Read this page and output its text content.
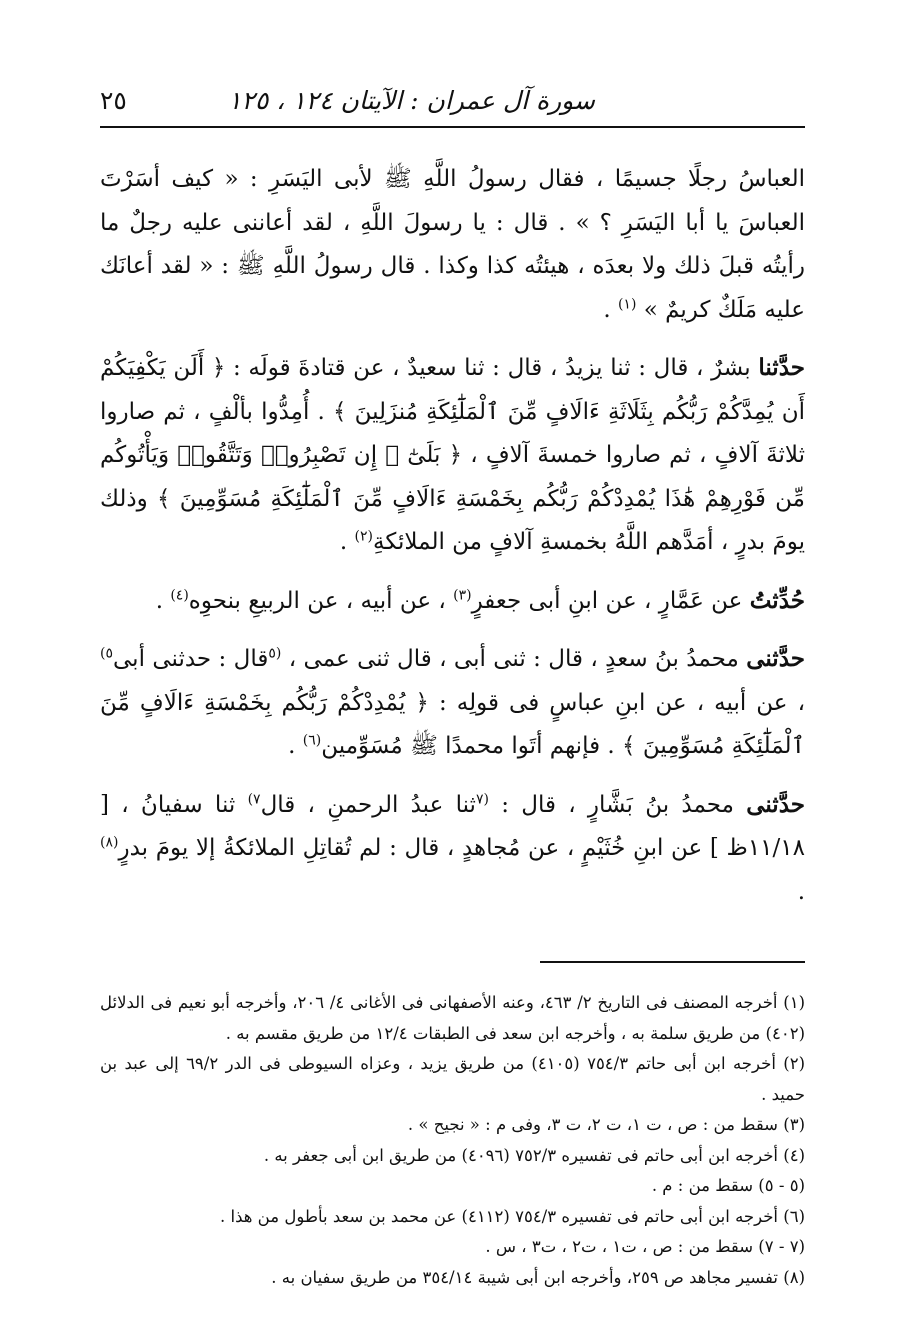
سورة آل عمران : الآيتان ١٢٤ ، ١٢٥
٢٥

العباسُ رجلًا جسيمًا ، فقال رسولُ اللَّهِ ﷺ لأبى اليَسَرِ : « كيف أسَرْتَ العباسَ يا أبا اليَسَرِ ؟ » . قال : يا رسولَ اللَّهِ ، لقد أعاننى عليه رجلٌ ما رأيتُه قبلَ ذلك ولا بعدَه ، هيئتُه كذا وكذا . قال رسولُ اللَّهِ ﷺ : « لقد أعانَك عليه مَلَكٌ كريمٌ » $^{(١)}$ .

حدَّثنا بشرٌ ، قال : ثنا يزيدُ ، قال : ثنا سعيدٌ ، عن قتادةَ قولَه : ﴿ أَلَن يَكْفِيَكُمْ أَن يُمِدَّكُمْ رَبُّكُم بِثَلَاثَةِ ءَالَافٍ مِّنَ ٱلْمَلَٰٓئِكَةِ مُنزَلِينَ ﴾ . أُمِدُّوا بألْفٍ ، ثم صاروا ثلاثةَ آلافٍ ، ثم صاروا خمسةَ آلافٍ ، ﴿ بَلَىٰٓ ۚ إِن تَصْبِرُوا۟ وَتَتَّقُوا۟ وَيَأْتُوكُم مِّن فَوْرِهِمْ هَٰذَا يُمْدِدْكُمْ رَبُّكُم بِخَمْسَةِ ءَالَافٍ مِّنَ ٱلْمَلَٰٓئِكَةِ مُسَوِّمِينَ ﴾ وذلك يومَ بدرٍ ، أمَدَّهم اللَّهُ بخمسةِ آلافٍ من الملائكةِ$^{(٢)}$ .

حُدِّثتُ عن عَمَّارٍ ، عن ابنِ أبى جعفرٍ$^{(٣)}$ ، عن أبيه ، عن الربيعِ بنحوِه$^{(٤)}$ .

حدَّثنى محمدُ بنُ سعدٍ ، قال : ثنى أبى ، قال ثنى عمى ، $^{(٥}$قال : حدثنى أبى$^{٥)}$ ، عن أبيه ، عن ابنِ عباسٍ فى قولِه : ﴿ يُمْدِدْكُمْ رَبُّكُم بِخَمْسَةِ ءَالَافٍ مِّنَ ٱلْمَلَٰٓئِكَةِ مُسَوِّمِينَ ﴾ . فإنهم أتَوا محمدًا ﷺ مُسَوِّمين$^{(٦)}$ .

حدَّثنى محمدُ بنُ بَشَّارٍ ، قال : $^{(٧}$ثنا عبدُ الرحمنِ ، قال$^{٧)}$ ثنا سفيانُ ، [ ١١/١٨ظ ] عن ابنِ خُثَيْمٍ ، عن مُجاهدٍ ، قال : لم تُقاتِلِ الملائكةُ إلا يومَ بدرٍ$^{(٨)}$ .

(١) أخرجه المصنف فى التاريخ ٢/ ٤٦٣، وعنه الأصفهانى فى الأغانى ٤/ ٢٠٦، وأخرجه أبو نعيم فى الدلائل (٤٠٢) من طريق سلمة به ، وأخرجه ابن سعد فى الطبقات ١٢/٤ من طريق مقسم به .

(٢) أخرجه ابن أبى حاتم ٧٥٤/٣ (٤١٠٥) من طريق يزيد ، وعزاه السيوطى فى الدر ٦٩/٢ إلى عبد بن حميد .

(٣) سقط من : ص ، ت ١، ت ٢، ت ٣، وفى م : « نجيح » .

(٤) أخرجه ابن أبى حاتم فى تفسيره ٧٥٢/٣ (٤٠٩٦) من طريق ابن أبى جعفر به .

(٥ - ٥) سقط من : م .

(٦) أخرجه ابن أبى حاتم فى تفسيره ٧٥٤/٣ (٤١١٢) عن محمد بن سعد بأطول من هذا .

(٧ - ٧) سقط من : ص ، ت١ ، ت٢ ، ت٣ ، س .

(٨) تفسير مجاهد ص ٢٥٩، وأخرجه ابن أبى شيبة ٣٥٤/١٤ من طريق سفيان به .
